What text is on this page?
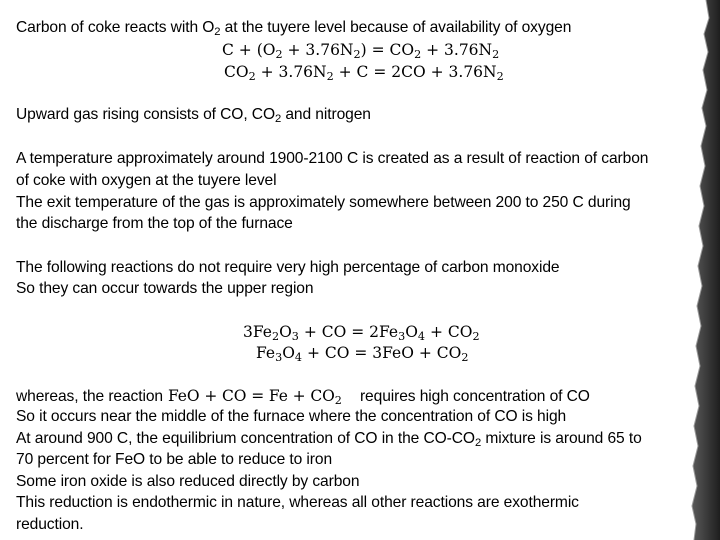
Carbon of coke reacts with $O_2$ at the tuyere level because of availability of oxygen
$C + (O_2 + 3.76N_2) = CO_2 + 3.76N_2$
$CO_2 + 3.76N_2 + C = 2CO + 3.76N_2$
Upward gas rising consists of CO, $CO_2$ and nitrogen
A temperature approximately around 1900-2100 C is created as a result of reaction of carbon
of coke with oxygen at the tuyere level
The exit temperature of the gas is approximately somewhere between 200 to 250 C during
the discharge from the top of the furnace
The following reactions do not require very high percentage of carbon monoxide
So they can occur towards the upper region
$3Fe_2O_3$ + CO = $2Fe_3O_4 + CO_2$
$Fe_3O_4$ + CO = $3FeO + CO_2$
whereas, the reaction FeO + CO = $Fe + CO_2$ requires high concentration of CO
So it occurs near the middle of the furnace where the concentration of CO is high
At around 900 C, the equilibrium concentration of CO in the $CO-CO_2$ mixture is around 65 to
70 percent for FeO to be able to reduce to iron
Some iron oxide is also reduced directly by carbon
This reduction is endothermic in nature, whereas all other reactions are exothermic
reduction.
